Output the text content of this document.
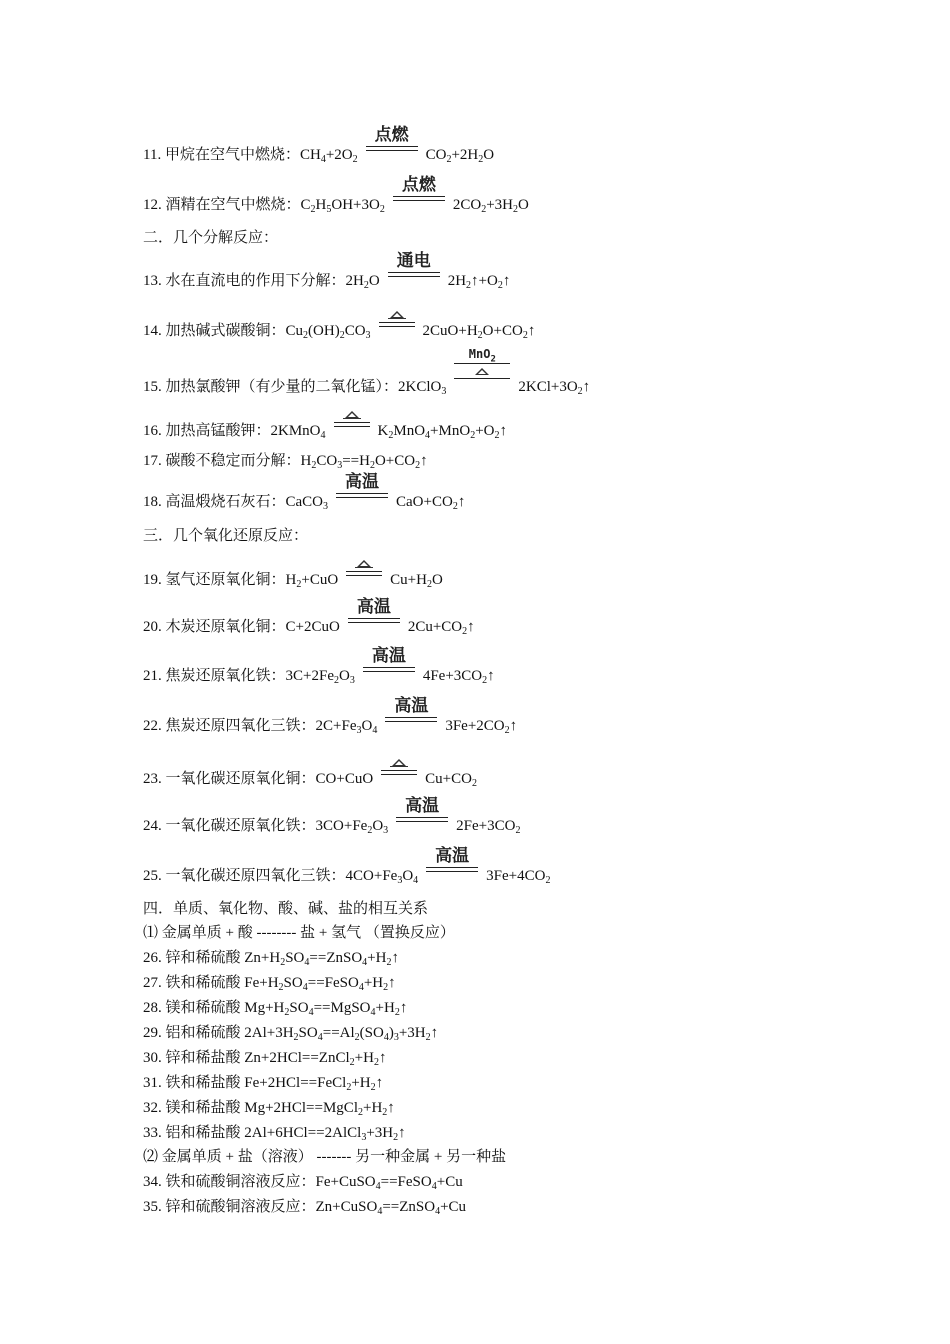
11. 甲烷在空气中燃烧：$CH_4+2O_2$	$CO_2+2H_2O$
点燃
12. 酒精在空气中燃烧：$C_2H_5OH+3O_2$	$2CO_2+3H_2O$
点燃
二．几个分解反应：
13. 水在直流电的作用下分解：$2H_2O$	$2H_2↑+O_2↑$
通电
14. 加热碱式碳酸铜：$Cu_2(OH)_2CO_3$	$2CuO+H_2O+CO_2↑$
15. 加热氯酸钾（有少量的二氧化锰）：2KClO$_3$	$2KCl+3O_2↑$
MnO$_2$
16. 加热高锰酸钾：2KMnO$_4$	$K_2MnO_4+MnO_2+O_2↑$
17. 碳酸不稳定而分解：$H_2CO_3==H_2O+CO_2↑$
18. 高温煅烧石灰石：CaCO$_3$	$CaO+CO_2↑$
高温
三．几个氧化还原反应：
19. 氢气还原氧化铜：$H_2+CuO$	$Cu+H_2O$
20. 木炭还原氧化铜：C+2CuO	$2Cu+CO_2↑$
高温
21. 焦炭还原氧化铁：$3C+2Fe_2O_3$	$4Fe+3CO_2↑$
高温
22. 焦炭还原四氧化三铁：$2C+Fe_3O_4$	$3Fe+2CO_2↑$
高温
23. 一氧化碳还原氧化铜：CO+CuO	$Cu+CO_2$
24. 一氧化碳还原氧化铁：$3CO+Fe_2O_3$	$2Fe+3CO_2$
高温
25. 一氧化碳还原四氧化三铁：$4CO+Fe_3O_4$	$3Fe+4CO_2$
高温
四．单质、氧化物、酸、碱、盐的相互关系
⑴ 金属单质 + 酸 -------- 盐 + 氢气 （置换反应）
26. 锌和稀硫酸 $Zn+H_2SO_4==ZnSO_4+H_2↑$
27. 铁和稀硫酸 $Fe+H_2SO_4==FeSO_4+H_2↑$
28. 镁和稀硫酸 $Mg+H_2SO_4==MgSO_4+H_2↑$
29. 铝和稀硫酸 $2Al+3H_2SO_4==Al_2(SO_4)_3+3H_2↑$
30. 锌和稀盐酸 $Zn+2HCl==ZnCl_2+H_2↑$
31. 铁和稀盐酸 $Fe+2HCl==FeCl_2+H_2↑$
32. 镁和稀盐酸 $Mg+2HCl==MgCl_2+H_2↑$
33. 铝和稀盐酸 $2Al+6HCl==2AlCl_3+3H_2↑$
⑵ 金属单质 + 盐（溶液） ------- 另一种金属 + 另一种盐
34. 铁和硫酸铜溶液反应：Fe+CuSO$_4$==FeSO$_4$+Cu
35. 锌和硫酸铜溶液反应：Zn+CuSO$_4$==ZnSO$_4$+Cu
